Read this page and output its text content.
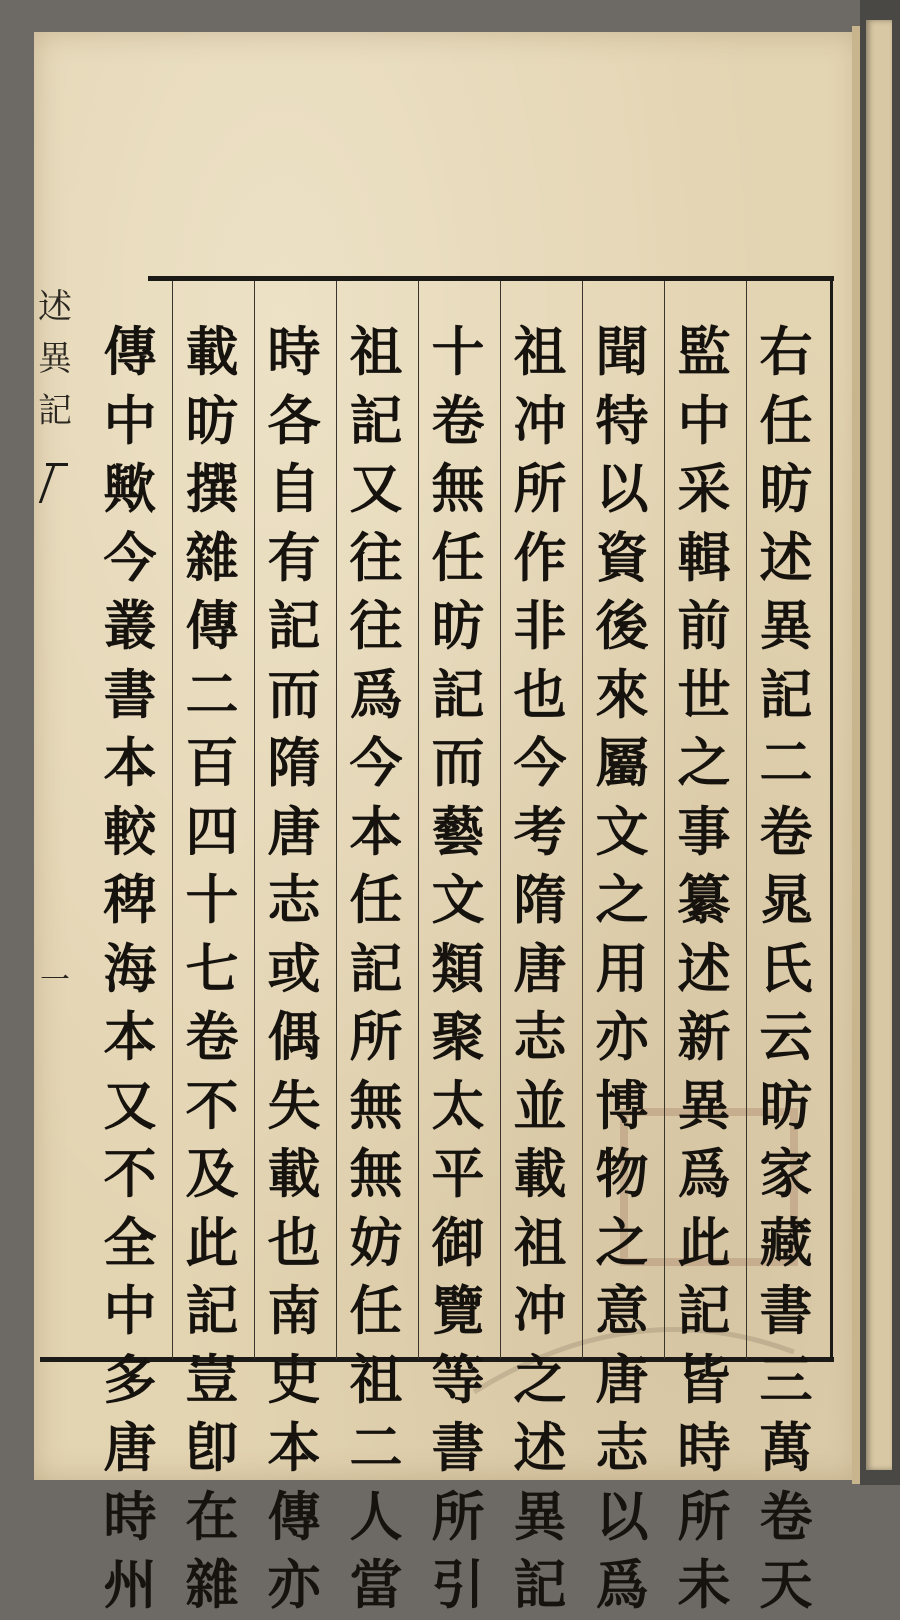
述
異
記
一
右
任
昉
述
異
記
二
卷
晁
氏
云
昉
家
藏
書
三
萬
卷
天
監
中
采
輯
前
世
之
事
纂
述
新
異
爲
此
記
皆
時
所
未
聞
特
以
資
後
來
屬
文
之
用
亦
博
物
之
意
唐
志
以
爲
祖
冲
所
作
非
也
今
考
隋
唐
志
並
載
祖
冲
之
述
異
記
十
卷
無
任
昉
記
而
藝
文
類
聚
太
平
御
覽
等
書
所
引
祖
記
又
往
往
爲
今
本
任
記
所
無
無
妨
任
祖
二
人
當
時
各
自
有
記
而
隋
唐
志
或
偶
失
載
也
南
史
本
傳
亦
載
昉
撰
雜
傳
二
百
四
十
七
卷
不
及
此
記
豈
卽
在
雜
傳
中
歟
今
叢
書
本
較
稗
海
本
又
不
全
中
多
唐
時
州
